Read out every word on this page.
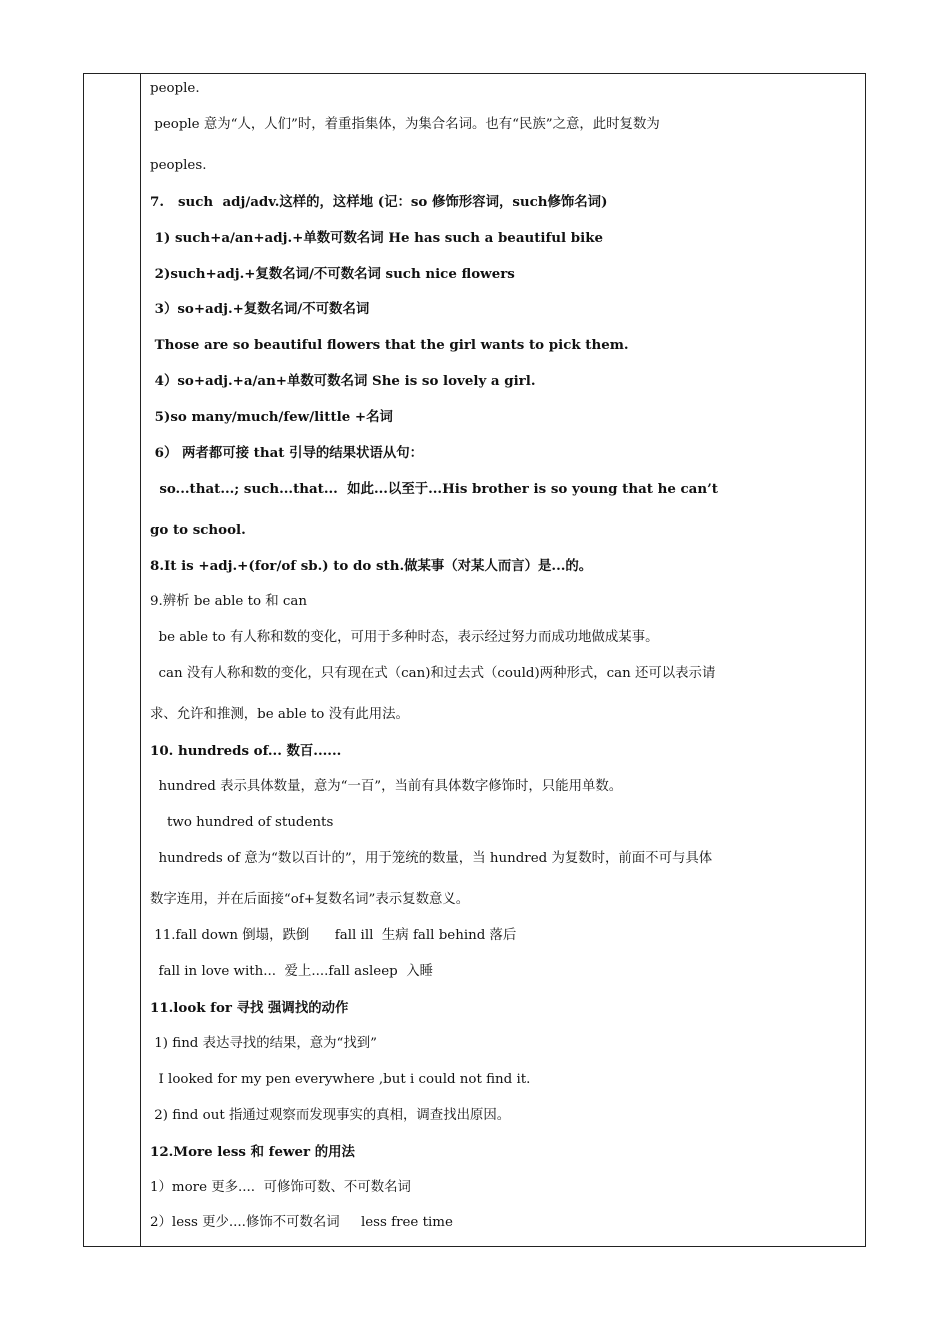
people.
people 意为“人，人们”时，着重指集体，为集合名词。也有“民族”之意，此时复数为
peoples.
7.   such  adj/adv.这样的，这样地 (记：so 修饰形容词，such修饰名词)
1) such+a/an+adj.+单数可数名词 He has such a beautiful bike
2)such+adj.+复数名词/不可数名词 such nice flowers
3）so+adj.+复数名词/不可数名词
Those are so beautiful flowers that the girl wants to pick them.
4）so+adj.+a/an+单数可数名词 She is so lovely a girl.
5)so many/much/few/little +名词
6） 两者都可接 that 引导的结果状语从句：
so...that...; such...that...  如此...以至于...His brother is so young that he can’t
go to school.
8.It is +adj.+(for/of sb.) to do sth.做某事（对某人而言）是...的。
9.辨析 be able to 和 can
be able to 有人称和数的变化，可用于多种时态，表示经过努力而成功地做成某事。
can 没有人称和数的变化，只有现在式（can)和过去式（could)两种形式，can 还可以表示请
求、允许和推测，be able to 没有此用法。
10. hundreds of... 数百......
hundred 表示具体数量，意为“一百”，当前有具体数字修饰时，只能用单数。
two hundred of students
hundreds of 意为“数以百计的”，用于笼统的数量，当 hundred 为复数时，前面不可与具体
数字连用，并在后面接“of+复数名词”表示复数意义。
11.fall down 倒塌，跌倒      fall ill  生病 fall behind 落后
fall in love with...  爱上....fall asleep  入睡
11.look for 寻找 强调找的动作
1) find 表达寻找的结果，意为“找到”
I looked for my pen everywhere ,but i could not find it.
2) find out 指通过观察而发现事实的真相，调查找出原因。
12.More less 和 fewer 的用法
1）more 更多....  可修饰可数、不可数名词
2）less 更少....修饰不可数名词     less free time
